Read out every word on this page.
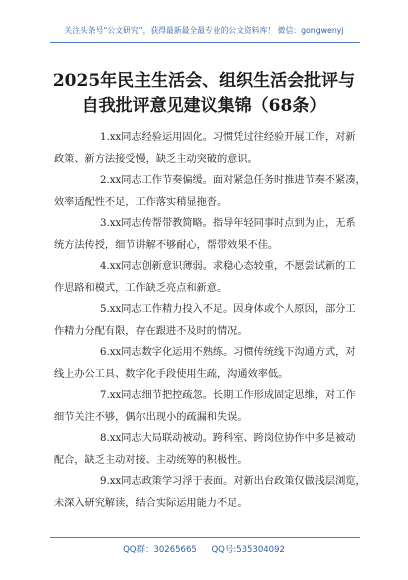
关注头条号“公文研究”，获得最新最全最专业的公文资料库！ 微信：gongwenyj
2025年民主生活会、组织生活会批评与
自我批评意见建议集锦（68条）

1.xx同志经验运用固化。习惯凭过往经验开展工作，对新
政策、新方法接受慢，缺乏主动突破的意识。

2.xx同志工作节奏偏缓。面对紧急任务时推进节奏不紧凑，
效率适配性不足，工作落实稍显拖沓。

3.xx同志传帮带教简略。指导年轻同事时点到为止，无系
统方法传授，细节讲解不够耐心，帮带效果不佳。

4.xx同志创新意识薄弱。求稳心态较重，不愿尝试新的工
作思路和模式，工作缺乏亮点和新意。

5.xx同志工作精力投入不足。因身体或个人原因，部分工
作精力分配有限，存在跟进不及时的情况。

6.xx同志数字化运用不熟练。习惯传统线下沟通方式，对
线上办公工具、数字化手段使用生疏，沟通效率低。

7.xx同志细节把控疏忽。长期工作形成固定思维，对工作
细节关注不够，偶尔出现小的疏漏和失误。

8.xx同志大局联动被动。跨科室、跨岗位协作中多是被动
配合，缺乏主动对接、主动统筹的积极性。

9.xx同志政策学习浮于表面。对新出台政策仅做浅层浏览，
未深入研究解读，结合实际运用能力不足。

QQ群：30265665 QQ号:535304092
